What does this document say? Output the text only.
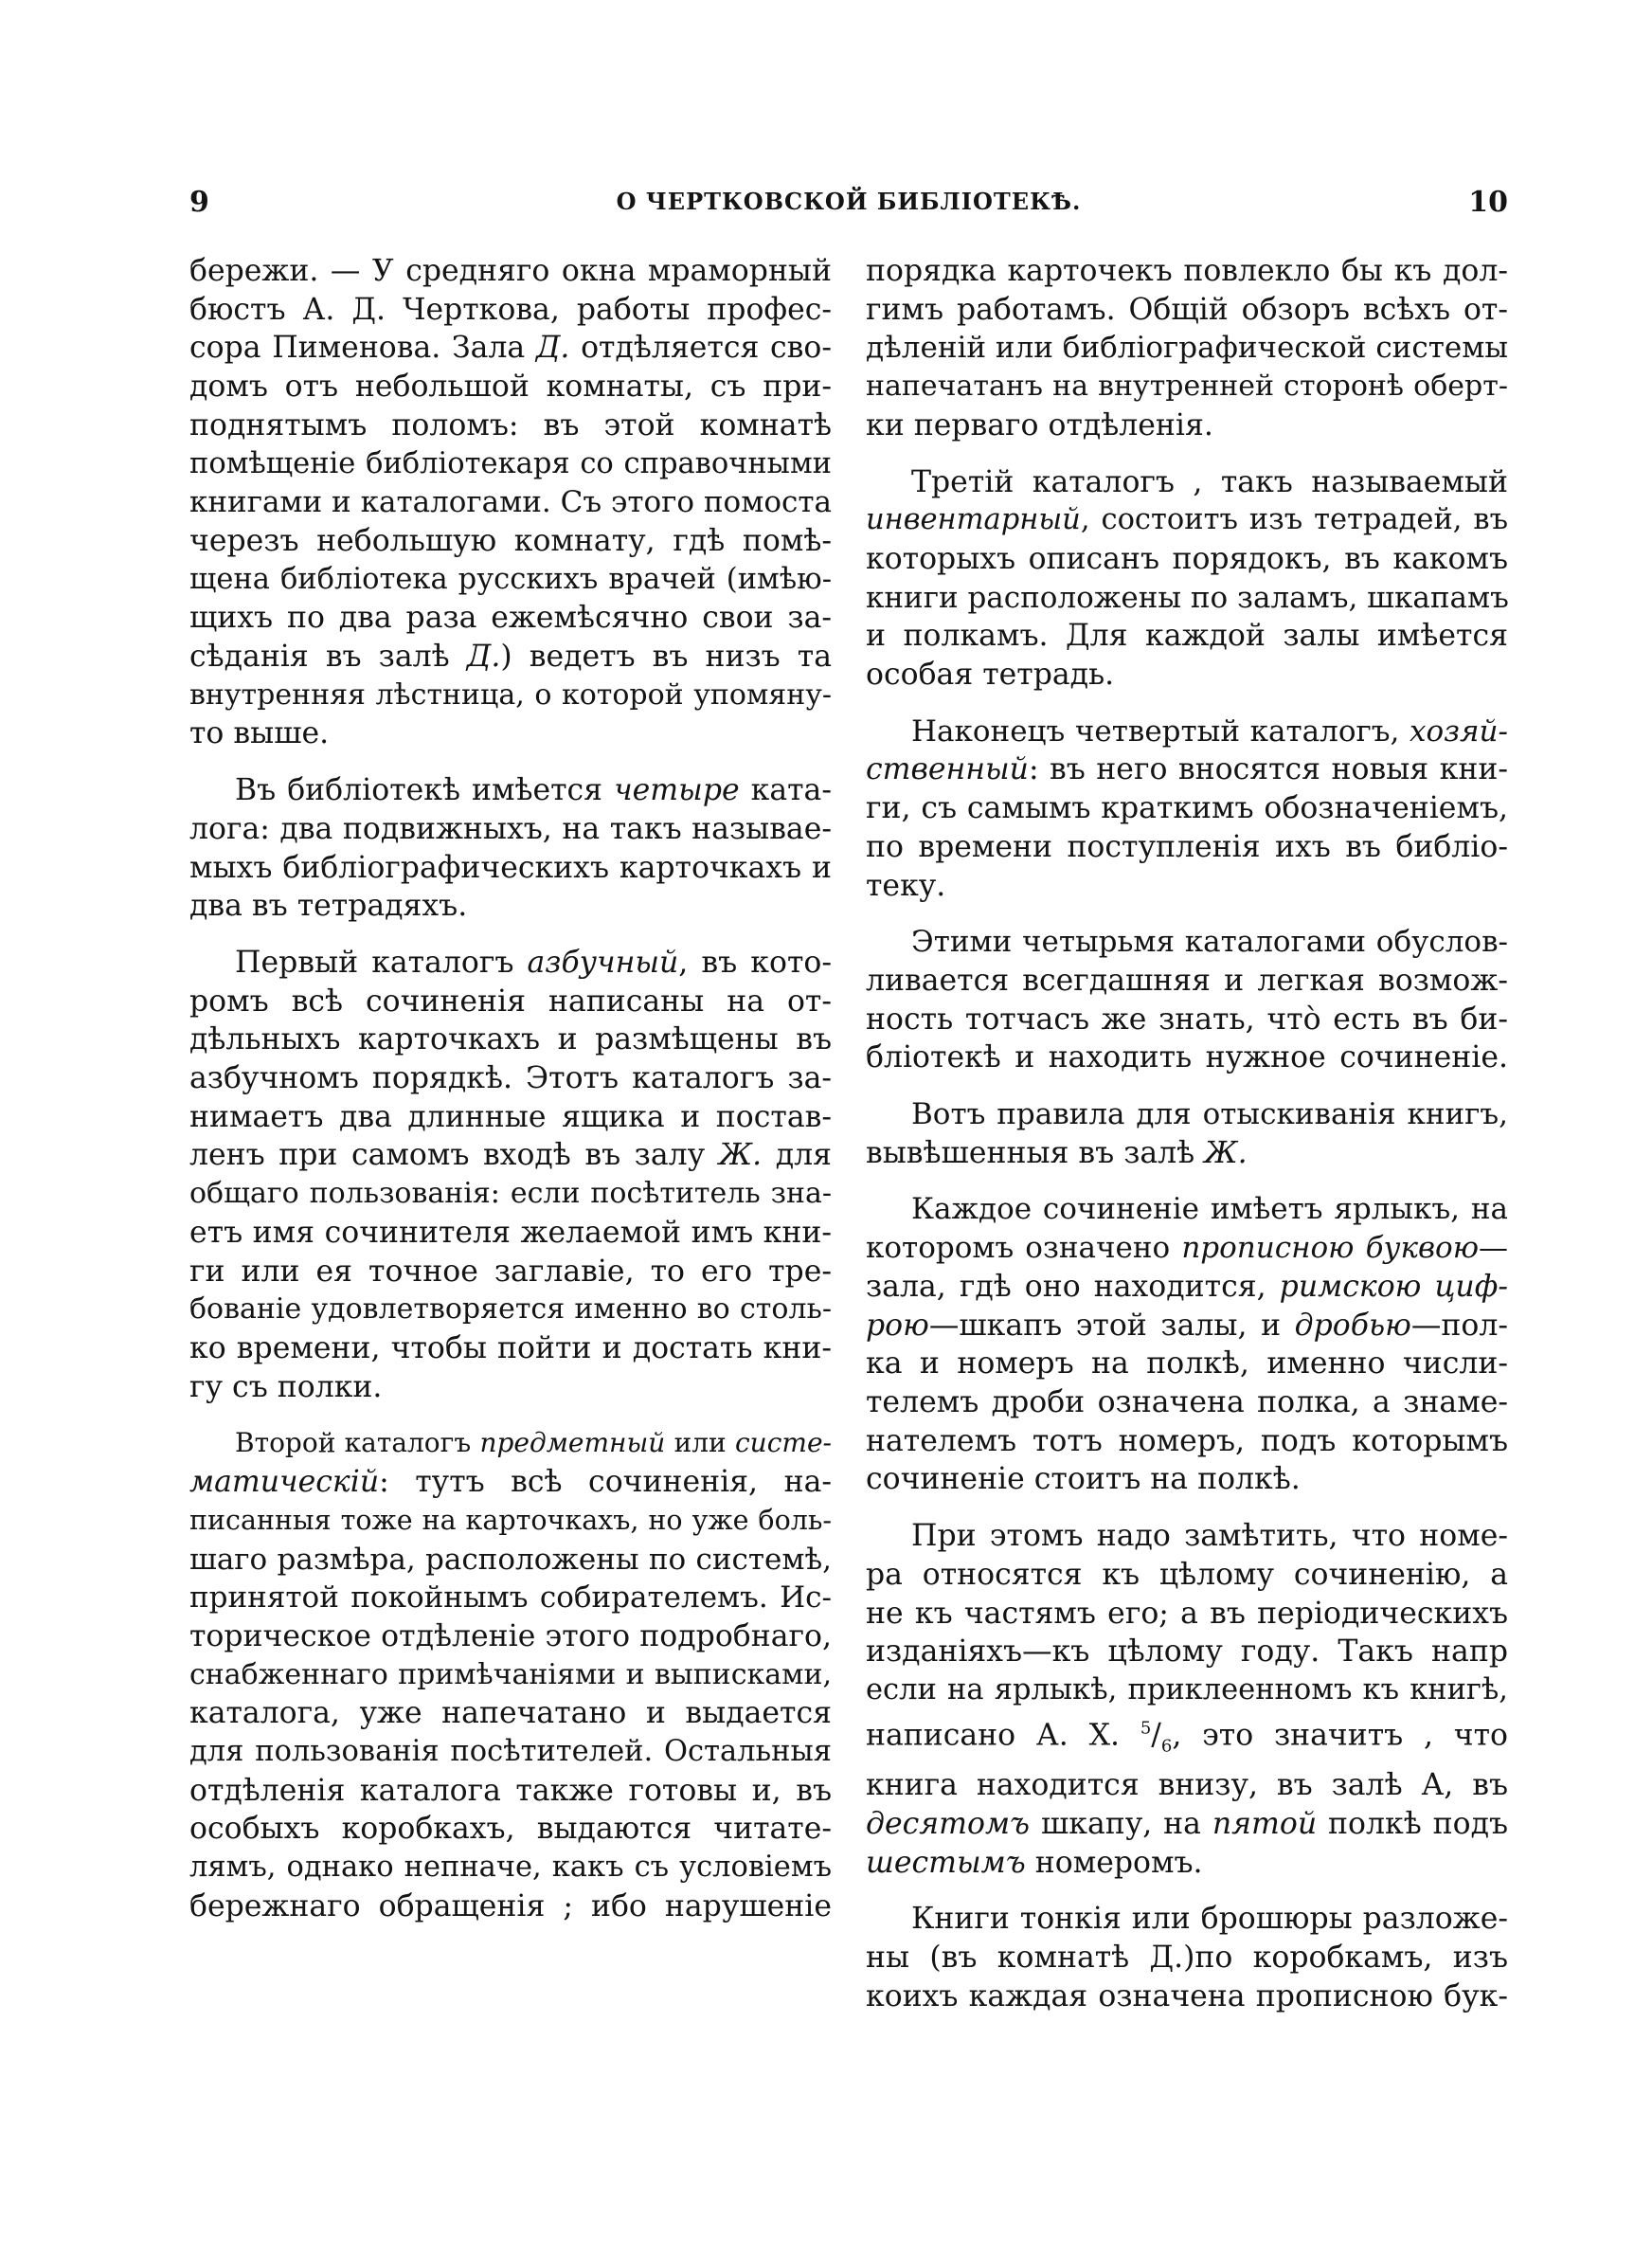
9	О ЧЕРТКОВСКОЙ БИБЛІОТЕКѢ.	10

бережи. — У средняго окна мраморный
бюстъ А. Д. Черткова, работы профес-
сора Пименова. Зала Д. отдѣляется сво-
домъ отъ небольшой комнаты, съ при-
поднятымъ поломъ: въ этой комнатѣ
помѣщеніе библіотекаря со справочными
книгами и каталогами. Съ этого помоста
черезъ небольшую комнату, гдѣ помѣ-
щена библіотека русскихъ врачей (имѣю-
щихъ по два раза ежемѣсячно свои за-
сѣданія въ залѣ Д.) ведетъ въ низъ та
внутренняя лѣстница, о которой упомяну-
то выше.

Въ библіотекѣ имѣется четыре ката-
лога: два подвижныхъ, на такъ называе-
мыхъ библіографическихъ карточкахъ и
два въ тетрадяхъ.

Первый каталогъ азбучный, въ кото-
ромъ всѣ сочиненія написаны на от-
дѣльныхъ карточкахъ и размѣщены въ
азбучномъ порядкѣ. Этотъ каталогъ за-
нимаетъ два длинные ящика и постав-
ленъ при самомъ входѣ въ залу Ж. для
общаго пользованія: если посѣтитель зна-
етъ имя сочинителя желаемой имъ кни-
ги или ея точное заглавіе, то его тре-
бованіе удовлетворяется именно во столь-
ко времени, чтобы пойти и достать кни-
гу съ полки.

Второй каталогъ предметный или систе-
матическій: тутъ всѣ сочиненія, на-
писанныя тоже на карточкахъ, но уже боль-
шаго размѣра, расположены по системѣ,
принятой покойнымъ собирателемъ. Ис-
торическое отдѣленіе этого подробнаго,
снабженнаго примѣчаніями и выписками,
каталога, уже напечатано и выдается
для пользованія посѣтителей. Остальныя
отдѣленія каталога также готовы и, въ
особыхъ коробкахъ, выдаются читате-
лямъ, однако непначе, какъ съ условіемъ
бережнаго обращенія ; ибо нарушеніе

порядка карточекъ повлекло бы къ дол-
гимъ работамъ. Общій обзоръ всѣхъ от-
дѣленій или библіографической системы
напечатанъ на внутренней сторонѣ оберт-
ки перваго отдѣленія.

Третій каталогъ , такъ называемый
инвентарный, состоитъ изъ тетрадей, въ
которыхъ описанъ порядокъ, въ какомъ
книги расположены по заламъ, шкапамъ
и полкамъ. Для каждой залы имѣется
особая тетрадь.

Наконецъ четвертый каталогъ, хозяй-
ственный: въ него вносятся новыя кни-
ги, съ самымъ краткимъ обозначеніемъ,
по времени поступленія ихъ въ библіо-
теку.

Этими четырьмя каталогами обуслов-
ливается всегдашняя и легкая возмож-
ность тотчасъ же знать, что̀ есть въ би-
бліотекѣ и находить нужное сочиненіе.

Вотъ правила для отыскиванія книгъ,
вывѣшенныя въ залѣ Ж.

Каждое сочиненіе имѣетъ ярлыкъ, на
которомъ означено прописною буквою—
зала, гдѣ оно находится, римскою циф-
рою—шкапъ этой залы, и дробью—пол-
ка и номеръ на полкѣ, именно числи-
телемъ дроби означена полка, а знаме-
нателемъ тотъ номеръ, подъ которымъ
сочиненіе стоитъ на полкѣ.

При этомъ надо замѣтить, что номе-
ра относятся къ цѣлому сочиненію, а
не къ частямъ его; а въ періодическихъ
изданіяхъ—къ цѣлому году. Такъ напр
если на ярлыкѣ, приклеенномъ къ книгѣ,
написано А. X. $^5/_6$, это значитъ , что
книга находится внизу, въ залѣ А, въ
десятомъ шкапу, на пятой полкѣ подъ
шестымъ номеромъ.

Книги тонкія или брошюры разложе-
ны (въ комнатѣ Д.)по коробкамъ, изъ
коихъ каждая означена прописною бук-
